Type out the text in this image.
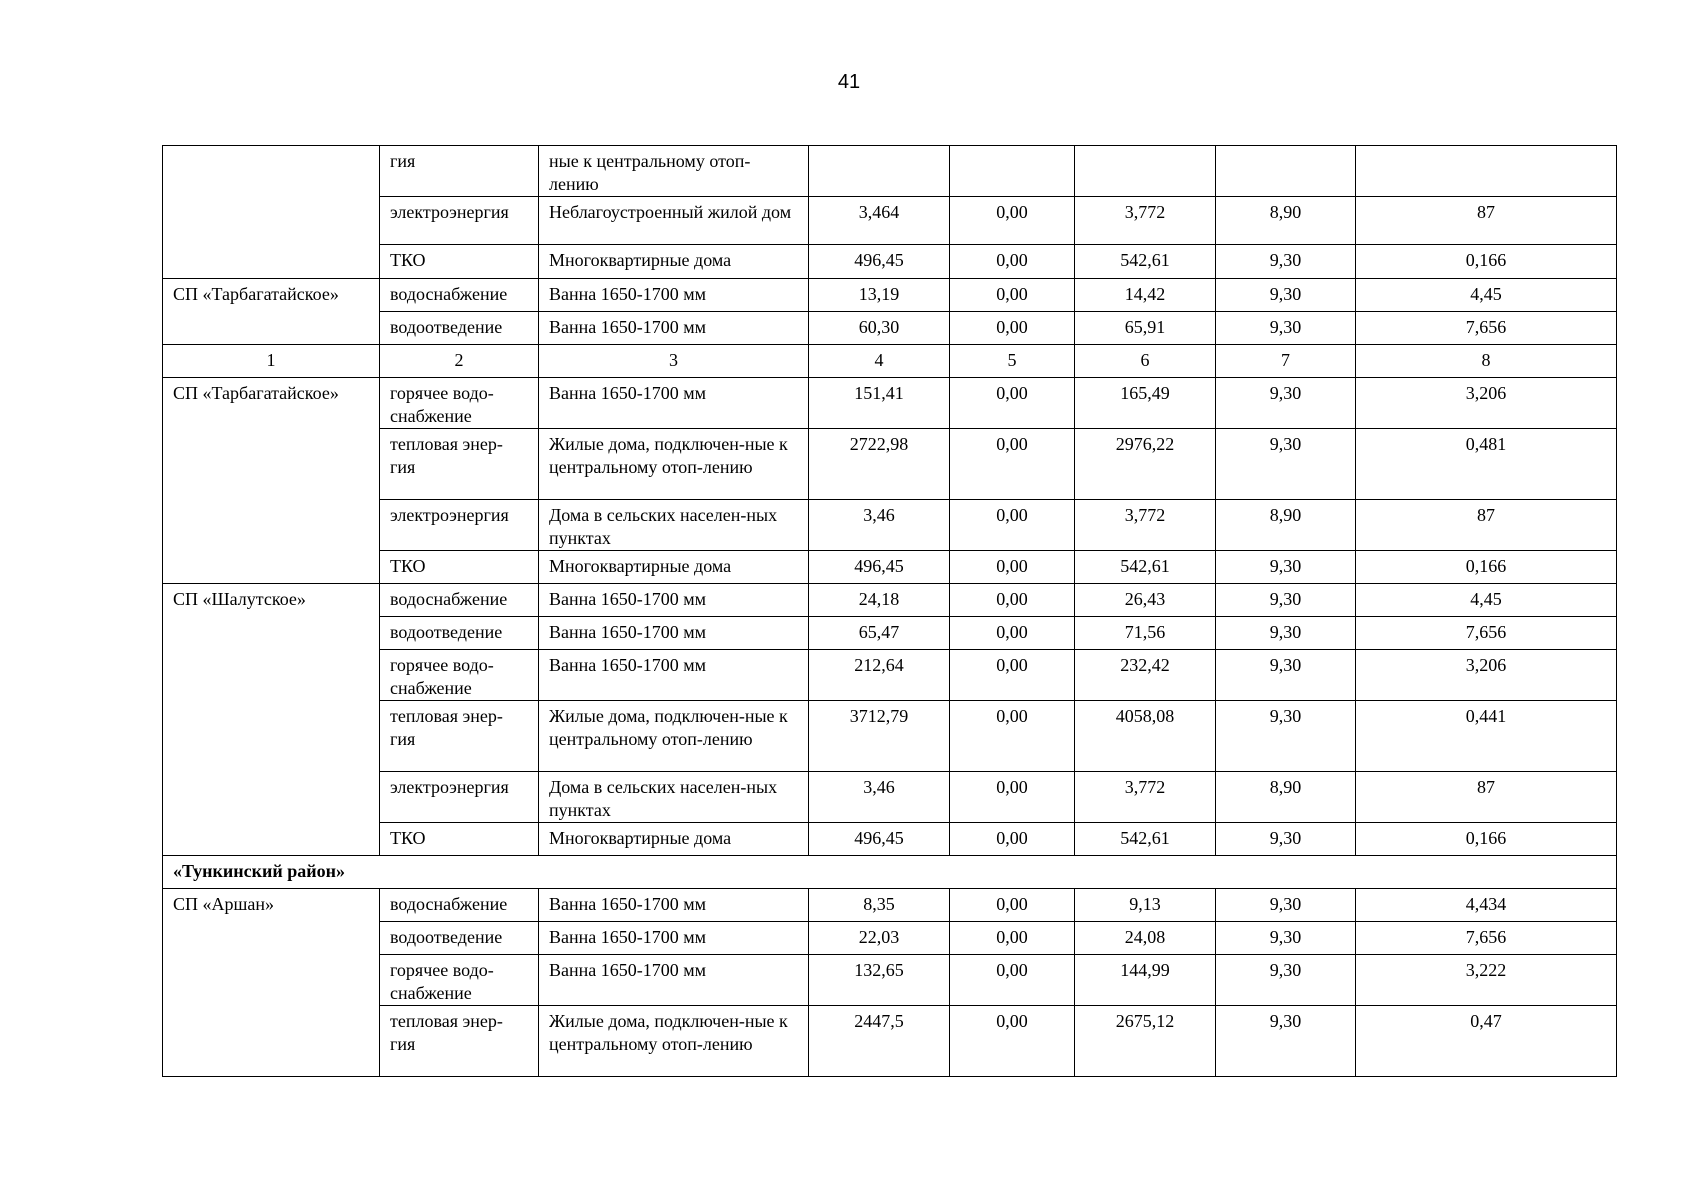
41
	гия	ные к центральному отоп-лению					
	электроэнергия	Неблагоустроенный жилой дом	3,464	0,00	3,772	8,90	87
	ТКО	Многоквартирные дома	496,45	0,00	542,61	9,30	0,166
СП «Тарбагатайское»	водоснабжение	Ванна 1650-1700 мм	13,19	0,00	14,42	9,30	4,45
	водоотведение	Ванна 1650-1700 мм	60,30	0,00	65,91	9,30	7,656
1	2	3	4	5	6	7	8
СП «Тарбагатайское»	горячее водо-снабжение	Ванна 1650-1700 мм	151,41	0,00	165,49	9,30	3,206
	тепловая энер-гия	Жилые дома, подключен-ные к центральному отоп-лению	2722,98	0,00	2976,22	9,30	0,481
	электроэнергия	Дома в сельских населен-ных пунктах	3,46	0,00	3,772	8,90	87
	ТКО	Многоквартирные дома	496,45	0,00	542,61	9,30	0,166
СП «Шалутское»	водоснабжение	Ванна 1650-1700 мм	24,18	0,00	26,43	9,30	4,45
	водоотведение	Ванна 1650-1700 мм	65,47	0,00	71,56	9,30	7,656
	горячее водо-снабжение	Ванна 1650-1700 мм	212,64	0,00	232,42	9,30	3,206
	тепловая энер-гия	Жилые дома, подключен-ные к центральному отоп-лению	3712,79	0,00	4058,08	9,30	0,441
	электроэнергия	Дома в сельских населен-ных пунктах	3,46	0,00	3,772	8,90	87
	ТКО	Многоквартирные дома	496,45	0,00	542,61	9,30	0,166
«Тункинский район»							
СП «Аршан»	водоснабжение	Ванна 1650-1700 мм	8,35	0,00	9,13	9,30	4,434
	водоотведение	Ванна 1650-1700 мм	22,03	0,00	24,08	9,30	7,656
	горячее водо-снабжение	Ванна 1650-1700 мм	132,65	0,00	144,99	9,30	3,222
	тепловая энер-гия	Жилые дома, подключен-ные к центральному отоп-лению	2447,5	0,00	2675,12	9,30	0,47
